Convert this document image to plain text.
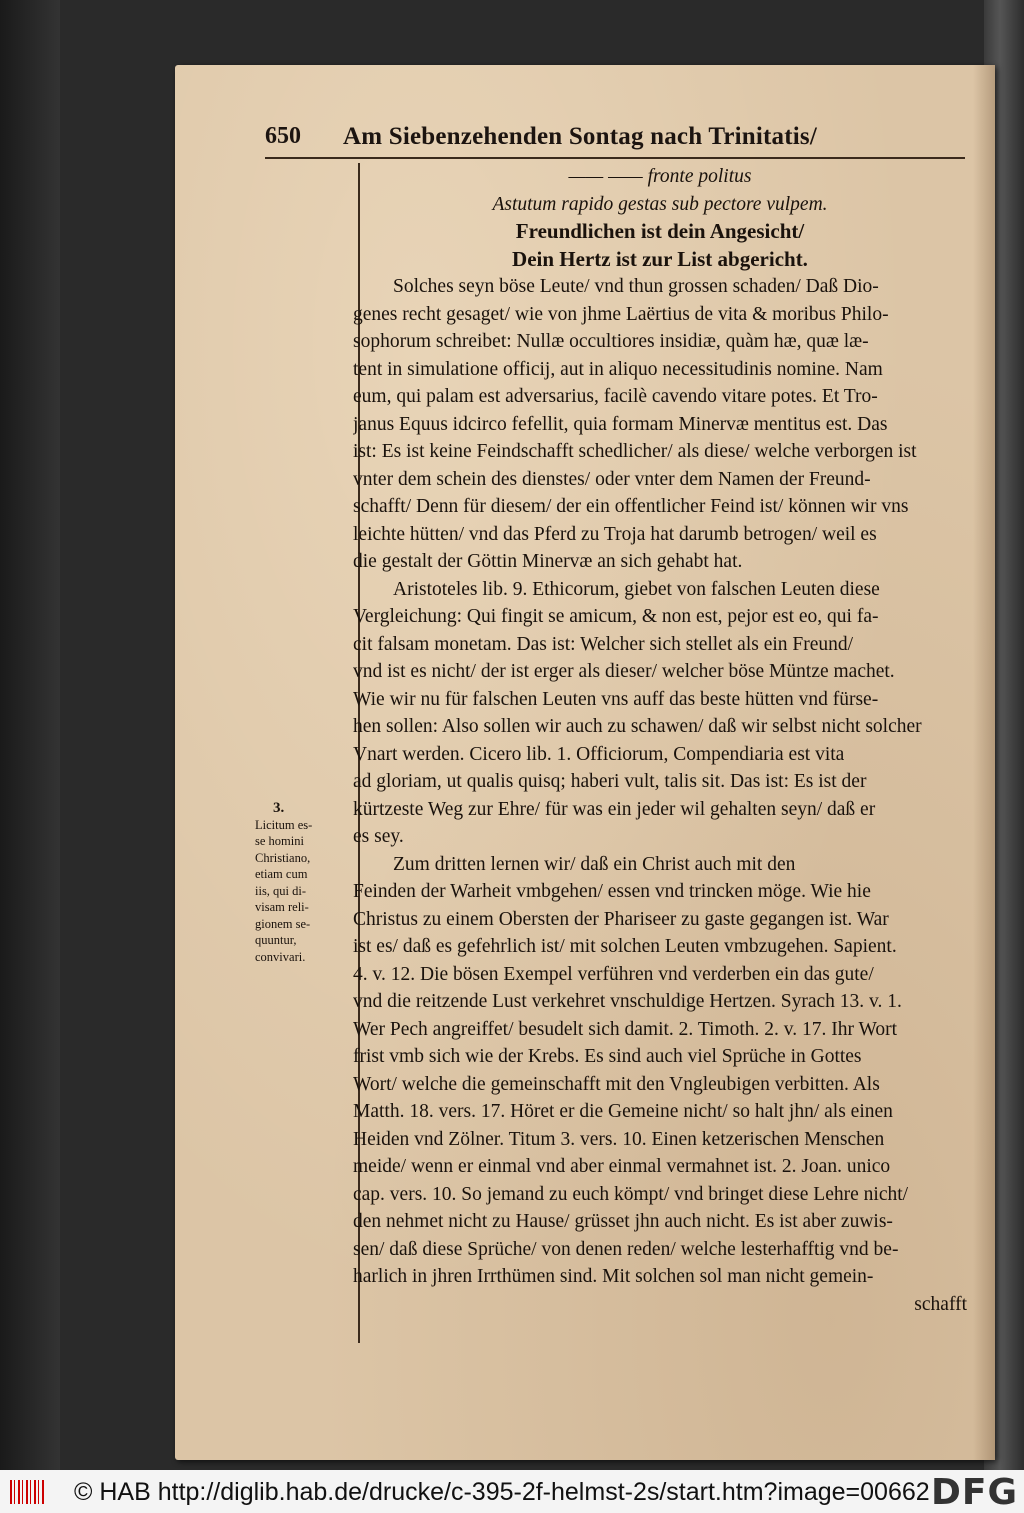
650 Am Siebenzehenden Sontag nach Trinitatis/
3.
Licitum es-
se homini
Christiano,
etiam cum
iis, qui di-
visam reli-
gionem se-
quuntur,
convivari.
—— —— fronte politus
Astutum rapido gestas sub pectore vulpem.
Freundlichen ist dein Angesicht/
Dein Hertz ist zur List abgericht.
Solches seyn böse Leute/ vnd thun grossen schaden/ Daß Dio-
genes recht gesaget/ wie von jhme Laërtius de vita & moribus Philo-
sophorum schreibet: Nullæ occultiores insidiæ, quàm hæ, quæ læ-
tent in simulatione officij, aut in aliquo necessitudinis nomine. Nam
eum, qui palam est adversarius, facilè cavendo vitare potes. Et Tro-
janus Equus idcirco fefellit, quia formam Minervæ mentitus est. Das
ist: Es ist keine Feindschafft schedlicher/ als diese/ welche verborgen ist
vnter dem schein des dienstes/ oder vnter dem Namen der Freund-
schafft/ Denn für diesem/ der ein offentlicher Feind ist/ können wir vns
leichte hütten/ vnd das Pferd zu Troja hat darumb betrogen/ weil es
die gestalt der Göttin Minervæ an sich gehabt hat.
Aristoteles lib. 9. Ethicorum, giebet von falschen Leuten diese
Vergleichung: Qui fingit se amicum, & non est, pejor est eo, qui fa-
cit falsam monetam. Das ist: Welcher sich stellet als ein Freund/
vnd ist es nicht/ der ist erger als dieser/ welcher böse Müntze machet.
Wie wir nu für falschen Leuten vns auff das beste hütten vnd fürse-
hen sollen: Also sollen wir auch zu schawen/ daß wir selbst nicht solcher
Vnart werden. Cicero lib. 1. Officiorum, Compendiaria est vita
ad gloriam, ut qualis quisq; haberi vult, talis sit. Das ist: Es ist der
kürtzeste Weg zur Ehre/ für was ein jeder wil gehalten seyn/ daß er
es sey.
Zum dritten lernen wir/ daß ein Christ auch mit den
Feinden der Warheit vmbgehen/ essen vnd trincken möge. Wie hie
Christus zu einem Obersten der Phariseer zu gaste gegangen ist. War
ist es/ daß es gefehrlich ist/ mit solchen Leuten vmbzugehen. Sapient.
4. v. 12. Die bösen Exempel verführen vnd verderben ein das gute/
vnd die reitzende Lust verkehret vnschuldige Hertzen. Syrach 13. v. 1.
Wer Pech angreiffet/ besudelt sich damit. 2. Timoth. 2. v. 17. Ihr Wort
frist vmb sich wie der Krebs. Es sind auch viel Sprüche in Gottes
Wort/ welche die gemeinschafft mit den Vngleubigen verbitten. Als
Matth. 18. vers. 17. Höret er die Gemeine nicht/ so halt jhn/ als einen
Heiden vnd Zölner. Titum 3. vers. 10. Einen ketzerischen Menschen
meide/ wenn er einmal vnd aber einmal vermahnet ist. 2. Joan. unico
cap. vers. 10. So jemand zu euch kömpt/ vnd bringet diese Lehre nicht/
den nehmet nicht zu Hause/ grüsset jhn auch nicht. Es ist aber zuwis-
sen/ daß diese Sprüche/ von denen reden/ welche lesterhafftig vnd be-
harlich in jhren Irrthümen sind. Mit solchen sol man nicht gemein-
schafft
© HAB http://diglib.hab.de/drucke/c-395-2f-helmst-2s/start.htm?image=00662 DFG
